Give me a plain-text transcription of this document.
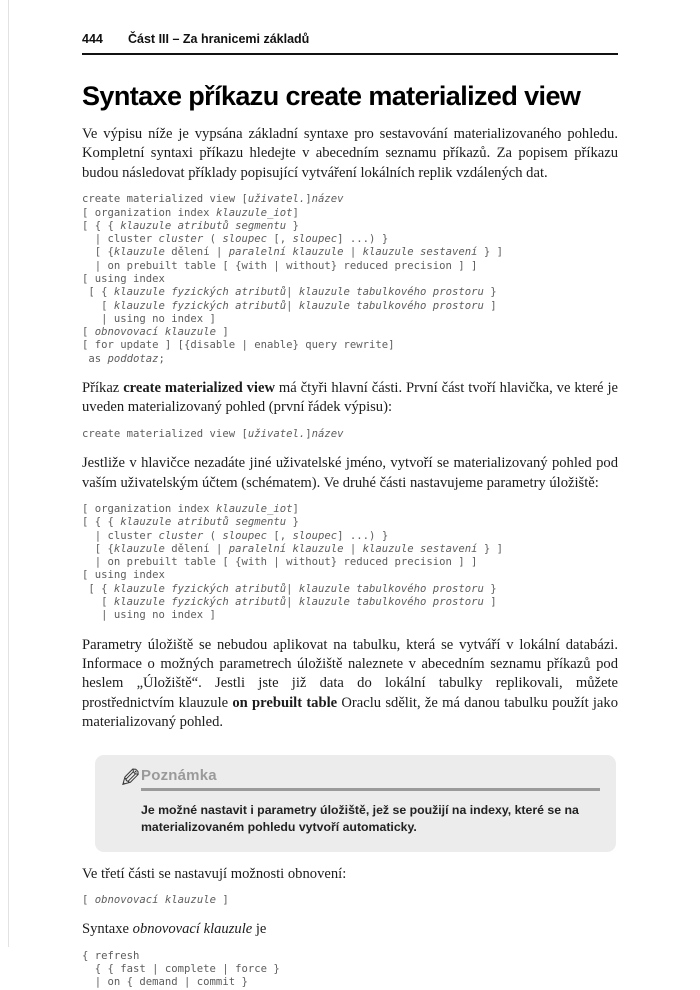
444	Část III – Za hranicemi základů
Syntaxe příkazu create materialized view

Ve výpisu níže je vypsána základní syntaxe pro sestavování materializovaného pohledu. Kompletní syntaxi příkazu hledejte v abecedním seznamu příkazů. Za popisem příkazu budou následovat příklady popisující vytváření lokálních replik vzdálených dat.

create materialized view [uživatel.]název
[ organization index klauzule_iot]
[ { { klauzule atributů segmentu }
| cluster cluster ( sloupec [, sloupec] ...) }
[ {klauzule dělení | paralelní klauzule | klauzule sestavení } ]
| on prebuilt table [ {with | without} reduced precision ] ]
[ using index
[ { klauzule fyzických atributů| klauzule tabulkového prostoru }
[ klauzule fyzických atributů| klauzule tabulkového prostoru ]
| using no index ]
[ obnovovací klauzule ]
[ for update ] [{disable | enable} query rewrite]
as poddotaz;

Příkaz create materialized view má čtyři hlavní části. První část tvoří hlavička, ve které je uveden materializovaný pohled (první řádek výpisu):

create materialized view [uživatel.]název

Jestliže v hlavičce nezadáte jiné uživatelské jméno, vytvoří se materializovaný pohled pod vaším uživatelským účtem (schématem). Ve druhé části nastavujeme parametry úložiště:

[ organization index klauzule_iot]
[ { { klauzule atributů segmentu }
| cluster cluster ( sloupec [, sloupec] ...) }
[ {klauzule dělení | paralelní klauzule | klauzule sestavení } ]
| on prebuilt table [ {with | without} reduced precision ] ]
[ using index
[ { klauzule fyzických atributů| klauzule tabulkového prostoru }
[ klauzule fyzických atributů| klauzule tabulkového prostoru ]
| using no index ]

Parametry úložiště se nebudou aplikovat na tabulku, která se vytváří v lokální databázi. Informace o možných parametrech úložiště naleznete v abecedním seznamu příkazů pod heslem „Úložiště“. Jestli jste již data do lokální tabulky replikovali, můžete prostřednictvím klauzule on prebuilt table Oraclu sdělit, že má danou tabulku použít jako materializovaný pohled.

✎ Poznámka

Je možné nastavit i parametry úložiště, jež se použijí na indexy, které se na materializovaném pohledu vytvoří automaticky.

Ve třetí části se nastavují možnosti obnovení:

[ obnovovací klauzule ]

Syntaxe obnovovací klauzule je

{ refresh
{ { fast | complete | force }
| on { demand | commit }
